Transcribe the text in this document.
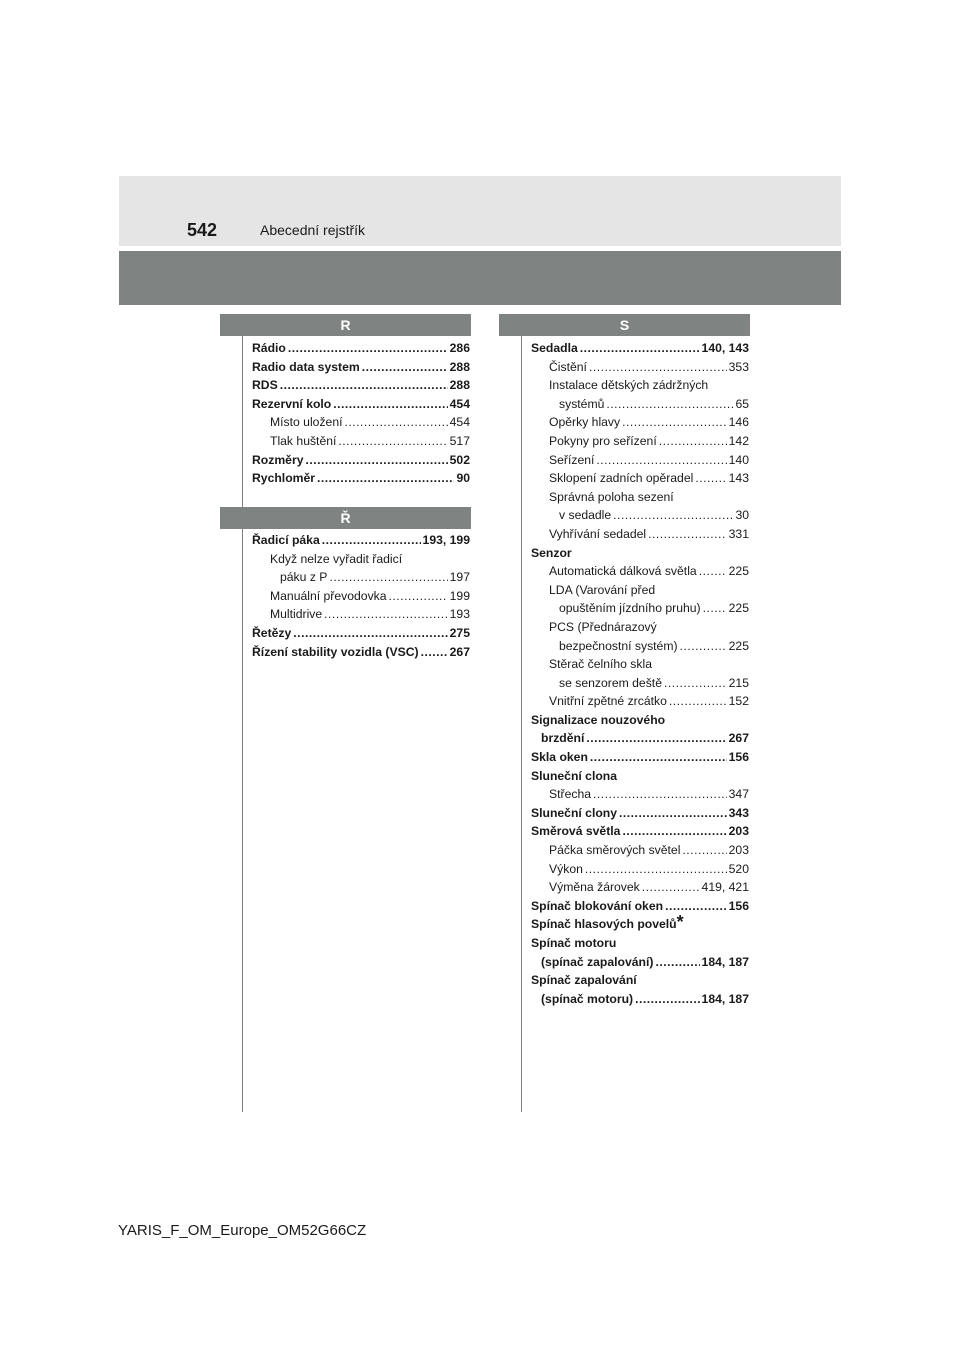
542	Abecední rejstřík
R
Rádio .....	286
Radio data system .....	288
RDS .....	288
Rezervní kolo .....	454
Místo uložení .....	454
Tlak huštění .....	517
Rozměry .....	502
Rychloměr .....	90
Ř
Řadicí páka .....	193, 199
Když nelze vyřadit řadicí
páku z P .....	197
Manuální převodovka .....	199
Multidrive .....	193
Řetězy .....	275
Řízení stability vozidla (VSC) .....	267
S
Sedadla .....	140, 143
Čistění .....	353
Instalace dětských zádržných
systémů .....	65
Opěrky hlavy .....	146
Pokyny pro seřízení .....	142
Seřízení .....	140
Sklopení zadních opěradel .....	143
Správná poloha sezení
v sedadle .....	30
Vyhřívání sedadel .....	331
Senzor
Automatická dálková světla .....	225
LDA (Varování před
opuštěním jízdního pruhu) ..... 225
PCS (Přednárazový
bezpečnostní systém) .....	225
Stěrač čelního skla
se senzorem deště .....	215
Vnitřní zpětné zrcátko .....	152
Signalizace nouzového
brzdění .....	267
Skla oken .....	156
Sluneční clona
Střecha .....	347
Sluneční clony .....	343
Směrová světla .....	203
Páčka směrových světel .....	203
Výkon .....	520
Výměna žárovek .....	419, 421
Spínač blokování oken .....	156
Spínač hlasových povelů *
Spínač motoru
(spínač zapalování) .....	184, 187
Spínač zapalování
(spínač motoru) .....	184, 187
YARIS_F_OM_Europe_OM52G66CZ
